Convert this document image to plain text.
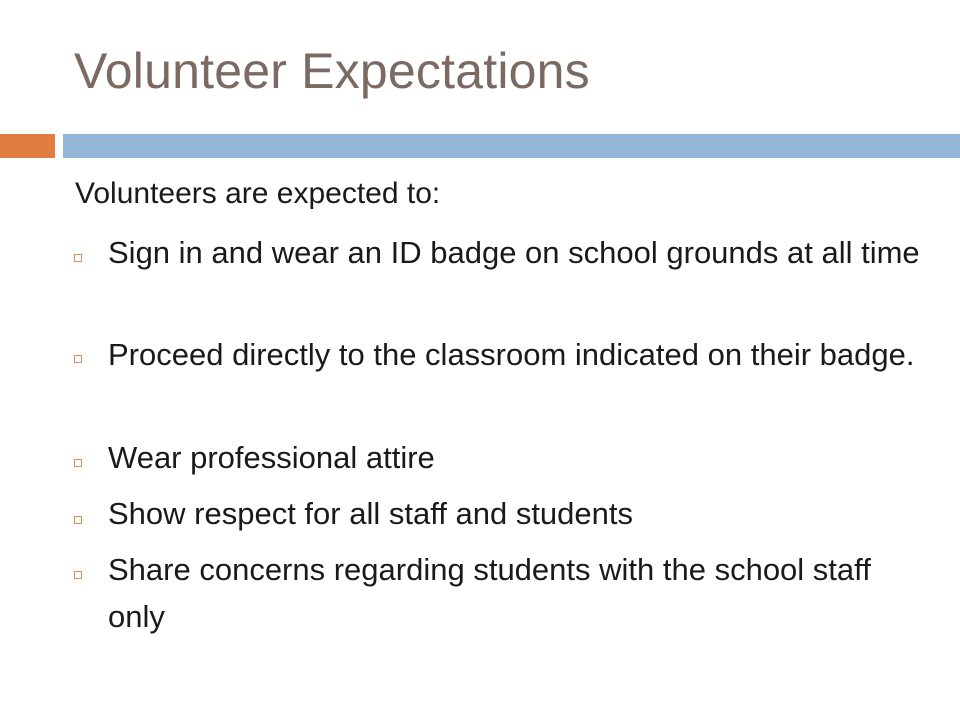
Volunteer Expectations
Volunteers are expected to:
Sign in and wear an ID badge on school grounds at all time
Proceed directly to the classroom indicated on their badge.
Wear professional attire
Show respect for all staff and students
Share concerns regarding students with the school staff only
